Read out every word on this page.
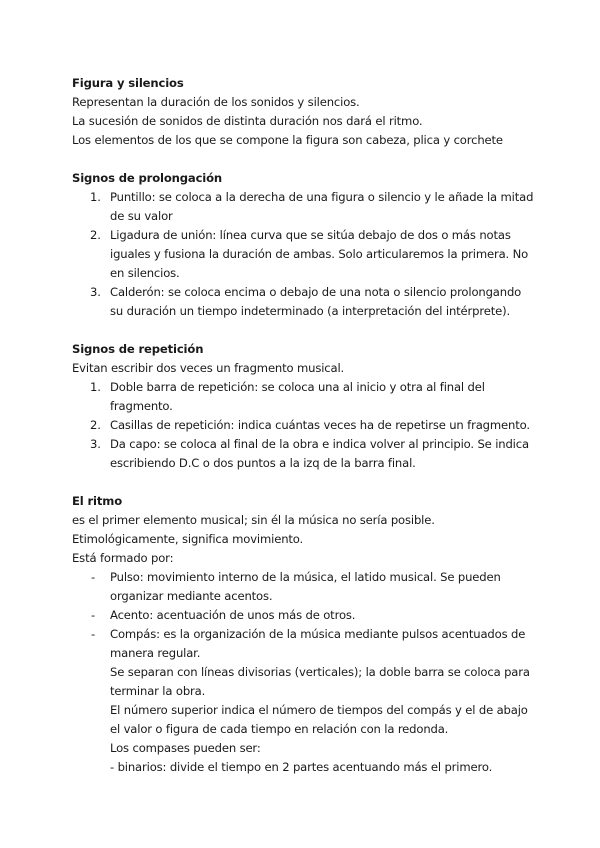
Figura y silencios
Representan la duración de los sonidos y silencios.
La sucesión de sonidos de distinta duración nos dará el ritmo.
Los elementos de los que se compone la figura son cabeza, plica y corchete
Signos de prolongación
1. Puntillo: se coloca a la derecha de una figura o silencio y le añade la mitad
de su valor
2. Ligadura de unión: línea curva que se sitúa debajo de dos o más notas
iguales y fusiona la duración de ambas. Solo articularemos la primera. No
en silencios.
3. Calderón: se coloca encima o debajo de una nota o silencio prolongando
su duración un tiempo indeterminado (a interpretación del intérprete).
Signos de repetición
Evitan escribir dos veces un fragmento musical.
1. Doble barra de repetición: se coloca una al inicio y otra al final del
fragmento.
2. Casillas de repetición: indica cuántas veces ha de repetirse un fragmento.
3. Da capo: se coloca al final de la obra e indica volver al principio. Se indica
escribiendo D.C o dos puntos a la izq de la barra final.
El ritmo
es el primer elemento musical; sin él la música no sería posible.
Etimológicamente, significa movimiento.
Está formado por:
- Pulso: movimiento interno de la música, el latido musical. Se pueden
organizar mediante acentos.
- Acento: acentuación de unos más de otros.
- Compás: es la organización de la música mediante pulsos acentuados de
manera regular.
Se separan con líneas divisorias (verticales); la doble barra se coloca para
terminar la obra.
El número superior indica el número de tiempos del compás y el de abajo
el valor o figura de cada tiempo en relación con la redonda.
Los compases pueden ser:
- binarios: divide el tiempo en 2 partes acentuando más el primero.
